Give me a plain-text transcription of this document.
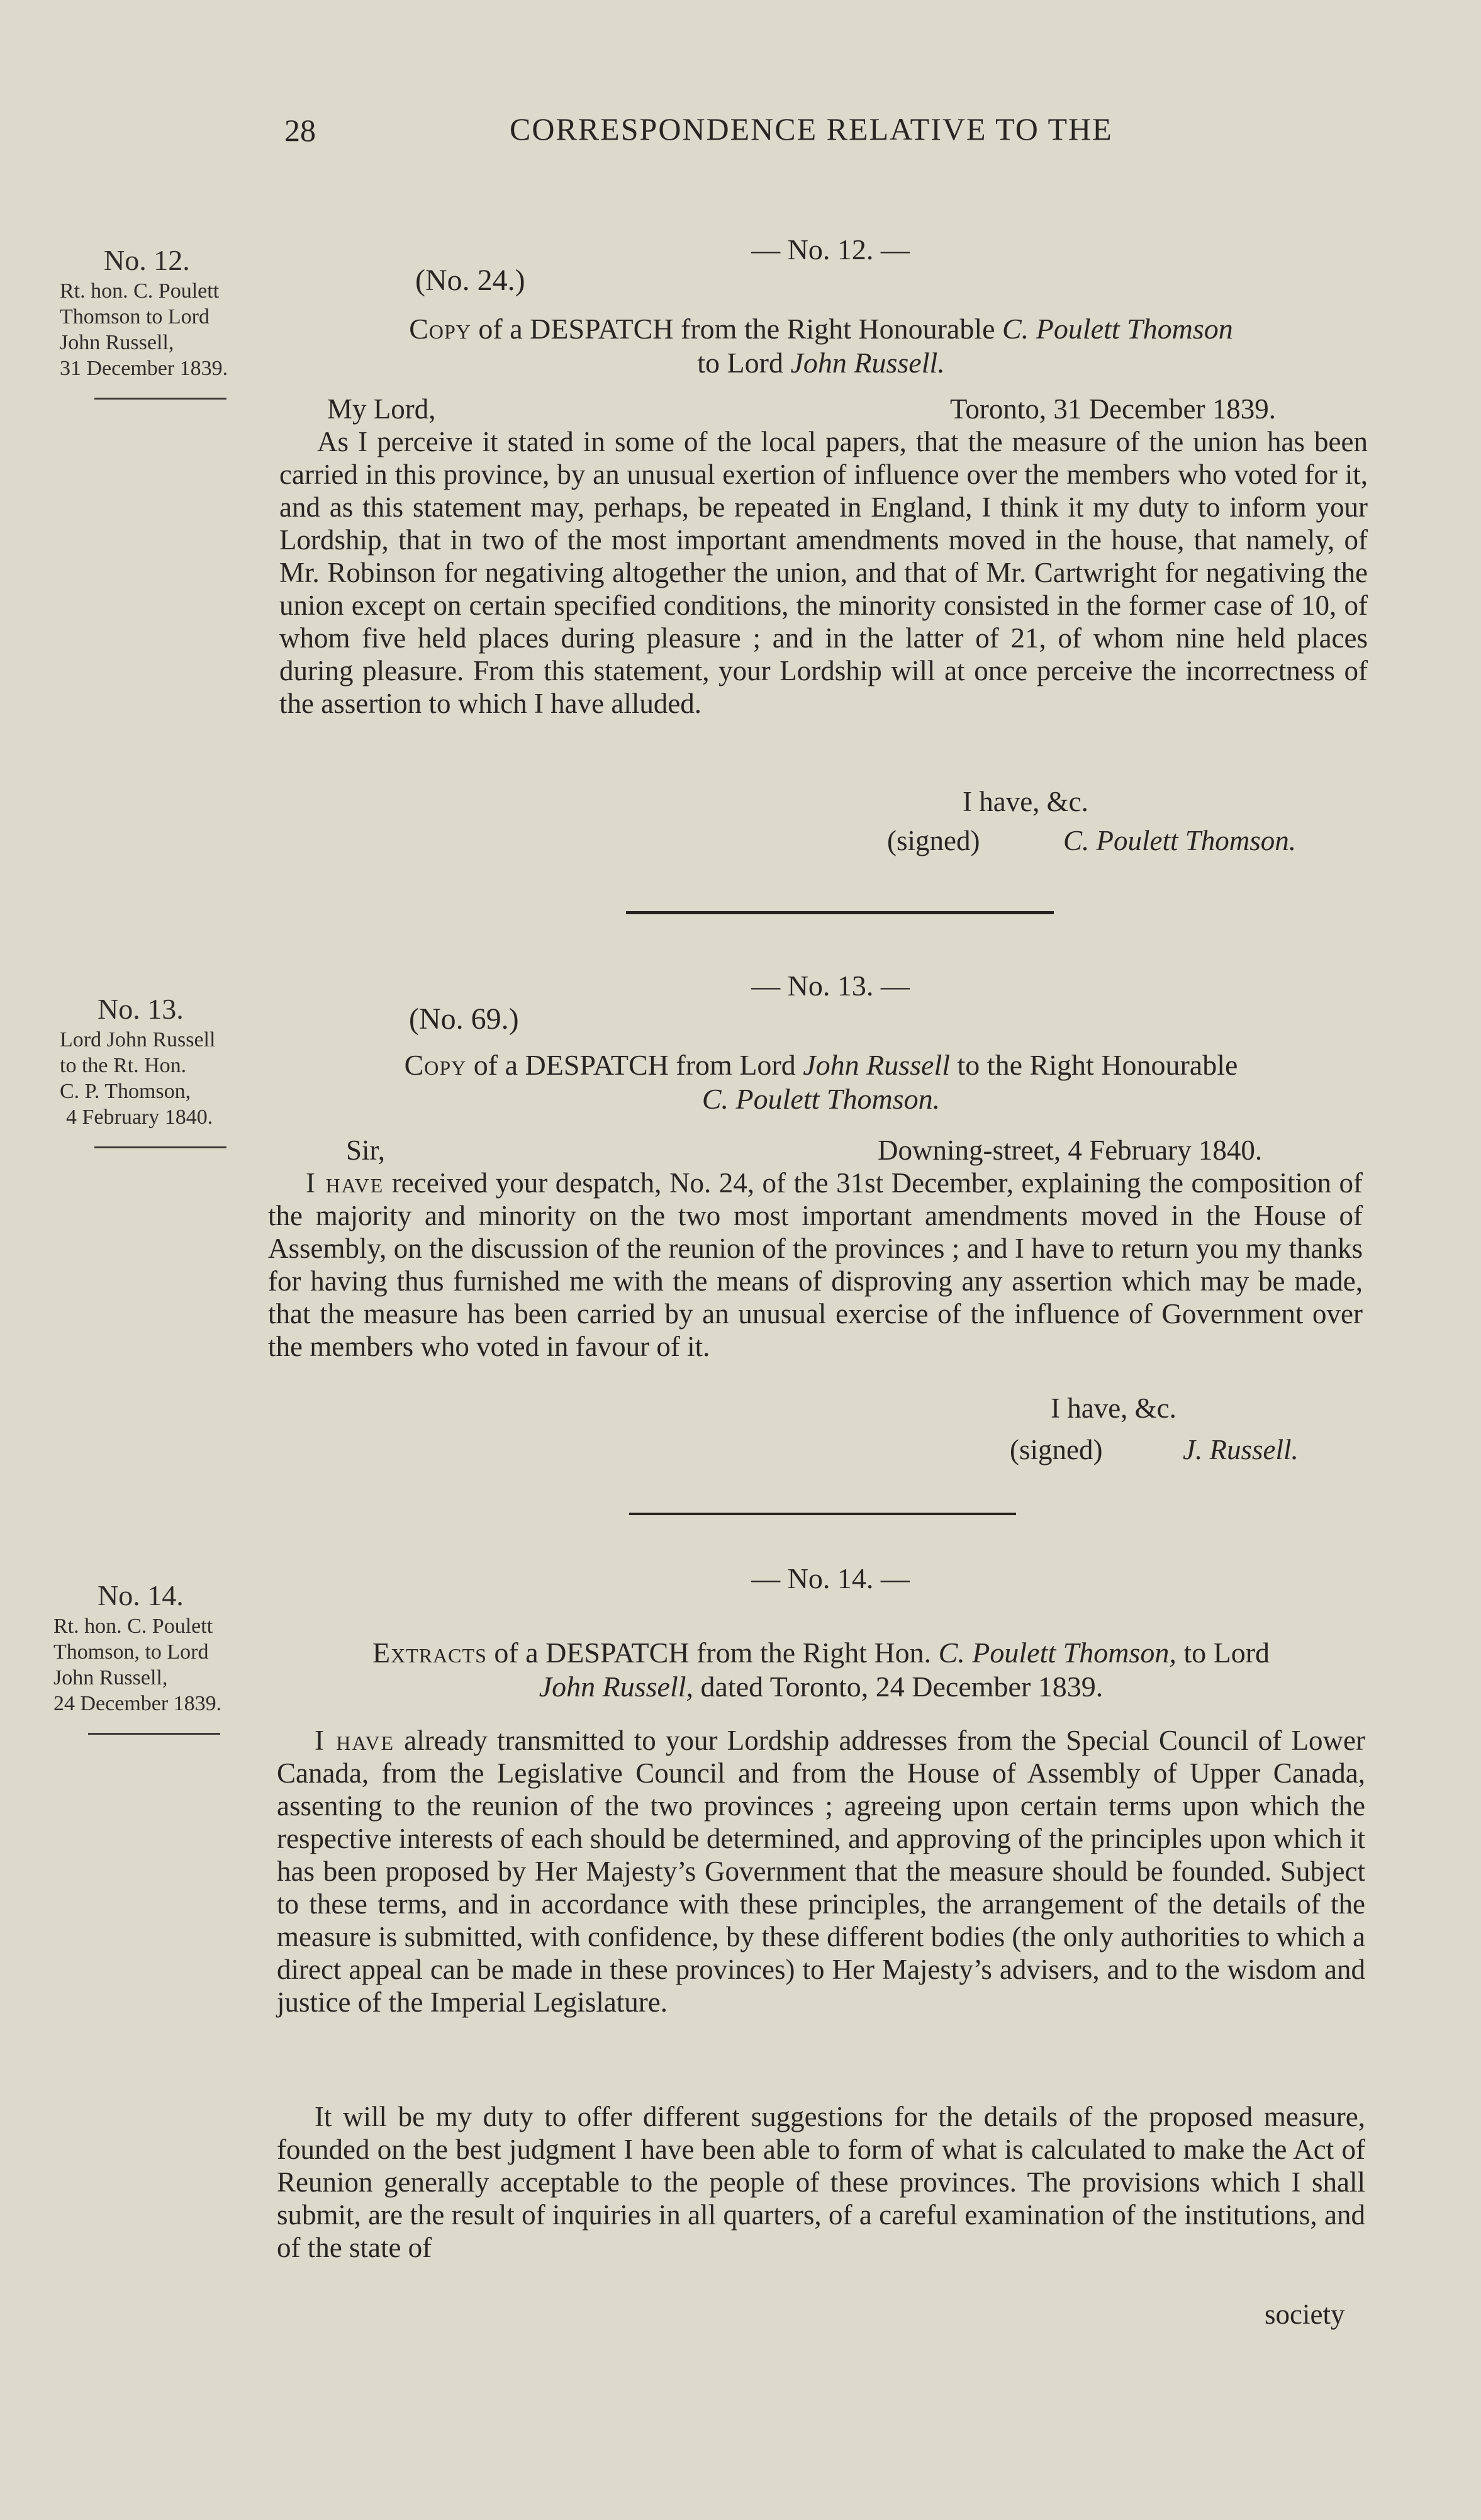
28	CORRESPONDENCE RELATIVE TO THE
No. 12.
Rt. hon. C. Poulett
Thomson to Lord
John Russell,
31 December 1839.
— No. 12. —
(No. 24.)
Copy of a DESPATCH from the Right Honourable C. Poulett Thomson
to Lord John Russell.
My Lord,	Toronto, 31 December 1839.
As I perceive it stated in some of the local papers, that the measure of the union has been carried in this province, by an unusual exertion of influence over the members who voted for it, and as this statement may, perhaps, be repeated in England, I think it my duty to inform your Lordship, that in two of the most important amendments moved in the house, that namely, of Mr. Robinson for negativing altogether the union, and that of Mr. Cartwright for negativing the union except on certain specified conditions, the minority consisted in the former case of 10, of whom five held places during pleasure ; and in the latter of 21, of whom nine held places during pleasure. From this statement, your Lordship will at once perceive the incorrectness of the assertion to which I have alluded.
I have, &c.
(signed)	C. Poulett Thomson.
No. 13.
Lord John Russell
to the Rt. Hon.
C. P. Thomson,
4 February 1840.
— No. 13. —
(No. 69.)
Copy of a DESPATCH from Lord John Russell to the Right Honourable
C. Poulett Thomson.
Sir,	Downing-street, 4 February 1840.
I have received your despatch, No. 24, of the 31st December, explaining the composition of the majority and minority on the two most important amendments moved in the House of Assembly, on the discussion of the reunion of the provinces ; and I have to return you my thanks for having thus furnished me with the means of disproving any assertion which may be made, that the measure has been carried by an unusual exercise of the influence of Government over the members who voted in favour of it.
I have, &c.
(signed)	J. Russell.
No. 14.
Rt. hon. C. Poulett
Thomson, to Lord
John Russell,
24 December 1839.
— No. 14. —
Extracts of a DESPATCH from the Right Hon. C. Poulett Thomson, to Lord
John Russell, dated Toronto, 24 December 1839.
I have already transmitted to your Lordship addresses from the Special Council of Lower Canada, from the Legislative Council and from the House of Assembly of Upper Canada, assenting to the reunion of the two provinces ; agreeing upon certain terms upon which the respective interests of each should be determined, and approving of the principles upon which it has been proposed by Her Majesty’s Government that the measure should be founded. Subject to these terms, and in accordance with these principles, the arrangement of the details of the measure is submitted, with confidence, by these different bodies (the only authorities to which a direct appeal can be made in these provinces) to Her Majesty’s advisers, and to the wisdom and justice of the Imperial Legislature.
It will be my duty to offer different suggestions for the details of the proposed measure, founded on the best judgment I have been able to form of what is calculated to make the Act of Reunion generally acceptable to the people of these provinces. The provisions which I shall submit, are the result of inquiries in all quarters, of a careful examination of the institutions, and of the state of
society
